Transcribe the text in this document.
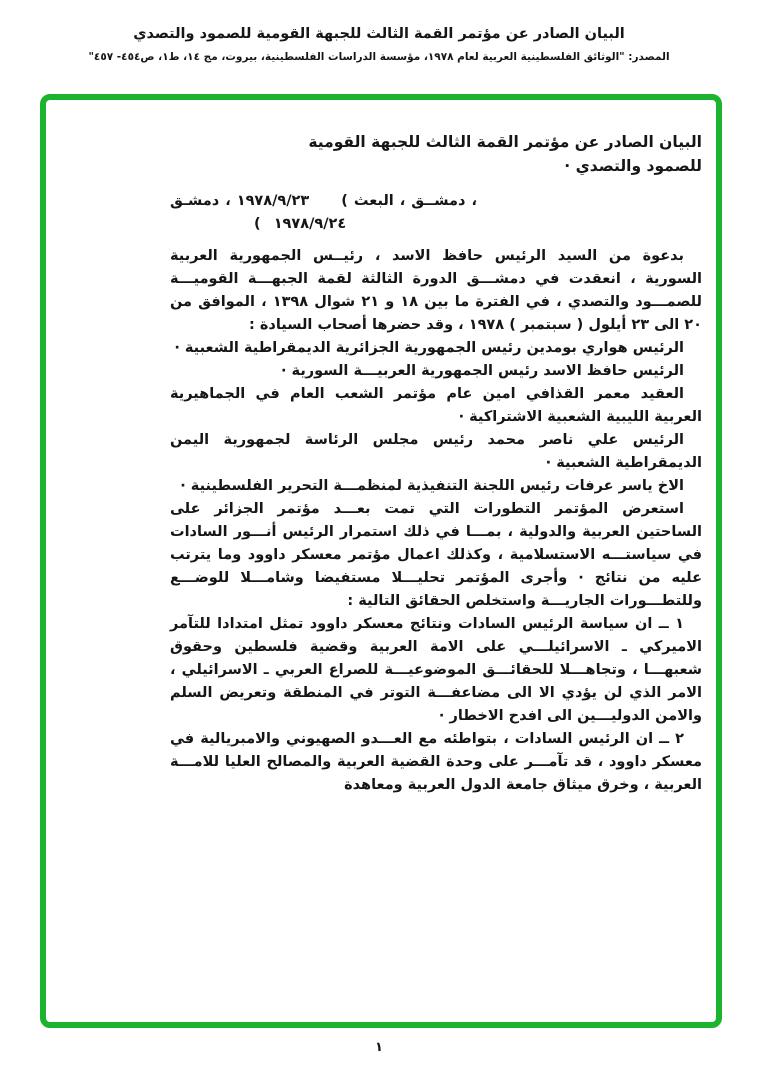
البيان الصادر عن مؤتمر القمة الثالث للجبهة القومية للصمود والتصدي
المصدر: "الوثائق الفلسطينية العربية لعام ١٩٧٨، مؤسسة الدراسات الفلسطينية، بيروت، مج ١٤، ط١، ص٤٥٤- ٤٥٧"
البيان الصادر عن مؤتمر القمة الثالث للجبهة القومية
للصمود والتصدي ·
دمشـق ، ١٩٧٨/٩/٢٣ ( البعث ، دمشــق ،
( ١٩٧٨/٩/٢٤

بدعوة من السيد الرئيس حافظ الاسد ، رئيــس الجمهورية العربية السورية ، انعقدت في دمشـــق الدورة الثالثة لقمة الجبهـــة القوميـــة للصمـــود والتصدي ، في الفترة ما بين ١٨ و ٢١ شوال ١٣٩٨ ، الموافق من ٢٠ الى ٢٣ أيلول ( سبتمبر ) ١٩٧٨ ، وقد حضرها أصحاب السيادة :

الرئيس هواري بومدين رئيس الجمهورية الجزائرية الديمقراطية الشعبية ·

الرئيس حافظ الاسد رئيس الجمهورية العربيـــة السورية ·

العقيد معمر القذافي امين عام مؤتمر الشعب العام في الجماهيرية العربية الليبية الشعبية الاشتراكية ·

الرئيس علي ناصر محمد رئيس مجلس الرئاسة لجمهورية اليمن الديمقراطية الشعبية ·

الاخ ياسر عرفات رئيس اللجنة التنفيذية لمنظمـــة التحرير الفلسطينية ·

استعرض المؤتمر التطورات التي تمت بعـــد مؤتمر الجزائر على الساحتين العربية والدولية ، بمـــا في ذلك استمرار الرئيس أنـــور السادات في سياستـــه الاستسلامية ، وكذلك اعمال مؤتمر معسكر داوود وما يترتب عليه من نتائج · وأجرى المؤتمر تحليـــلا مستفيضا وشامـــلا للوضـــع وللتطـــورات الجاريـــة واستخلص الحقائق التالية :

١ ــ ان سياسة الرئيس السادات ونتائج معسكر داوود تمثل امتدادا للتآمر الاميركي ـ الاسرائيلـــي على الامة العربية وقضية فلسطين وحقوق شعبهـــا ، وتجاهـــلا للحقائـــق الموضوعيـــة للصراع العربي ـ الاسرائيلي ، الامر الذي لن يؤدي الا الى مضاعفـــة التوتر في المنطقة وتعريض السلم والامن الدوليـــين الى افدح الاخطار ·

٢ ــ ان الرئيس السادات ، بتواطئه مع العـــدو الصهيوني والامبريالية في معسكر داوود ، قد تآمـــر على وحدة القضية العربية والمصالح العليا للامـــة العربية ، وخرق ميثاق جامعة الدول العربية ومعاهدة

١
